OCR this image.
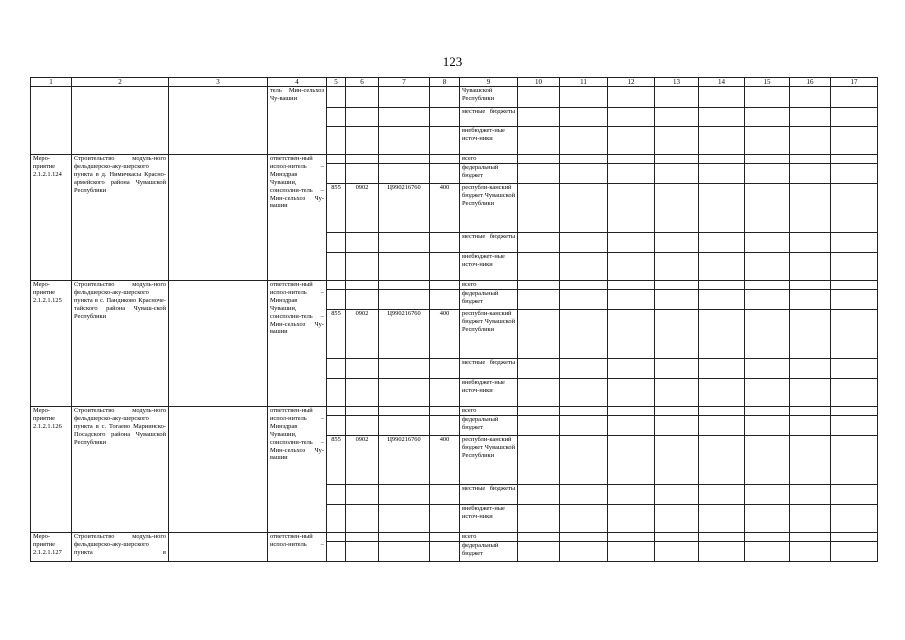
123
1	2	3	4	5	6	7	8	9	10	11	12	13	14	15	16	17
			тель Мин-сельхоз Чу-вашии					Чувашской Республики								
								местные бюджеты								
								внебюджет-ные источ-ники								
Меро-приятие 2.1.2.1.124	Строительство модуль-ного фельдшерско-аку-шерского пункта в д. Нимичкасы Красно-армейского района Чувашской Республики		ответствен-ный испол-нитель – Минздрав Чувашии, соисполни-тель – Мин-сельхоз Чу-вашии					всего								
								федеральный бюджет								
				855	0902	Ц990216760	400	республи-канский бюджет Чувашской Республики								
								местные бюджеты								
								внебюджет-ные источ-ники								
Меро-приятие 2.1.2.1.125	Строительство модуль-ного фельдшерско-аку-шерского пункта в с. Пандиково Красноче-тайского района Чуваш-ской Республики		ответствен-ный испол-нитель – Минздрав Чувашии, соисполни-тель – Мин-сельхоз Чу-вашии					всего								
								федеральный бюджет								
				855	0902	Ц990216760	400	республи-канский бюджет Чувашской Республики								
								местные бюджеты								
								внебюджет-ные источ-ники								
Меро-приятие 2.1.2.1.126	Строительство модуль-ного фельдшерско-аку-шерского пункта в с. Тогаево Мариинско-Посадского района Чувашской Республики		ответствен-ный испол-нитель – Минздрав Чувашии, соисполни-тель – Мин-сельхоз Чу-вашии					всего								
								федеральный бюджет								
				855	0902	Ц990216760	400	республи-канский бюджет Чувашской Республики								
								местные бюджеты								
								внебюджет-ные источ-ники								
Меро-приятие 2.1.2.1.127	Строительство модуль-ного фельдшерско-аку-шерского пункта в		ответствен-ный испол-нитель –					всего								
								федеральный бюджет								
